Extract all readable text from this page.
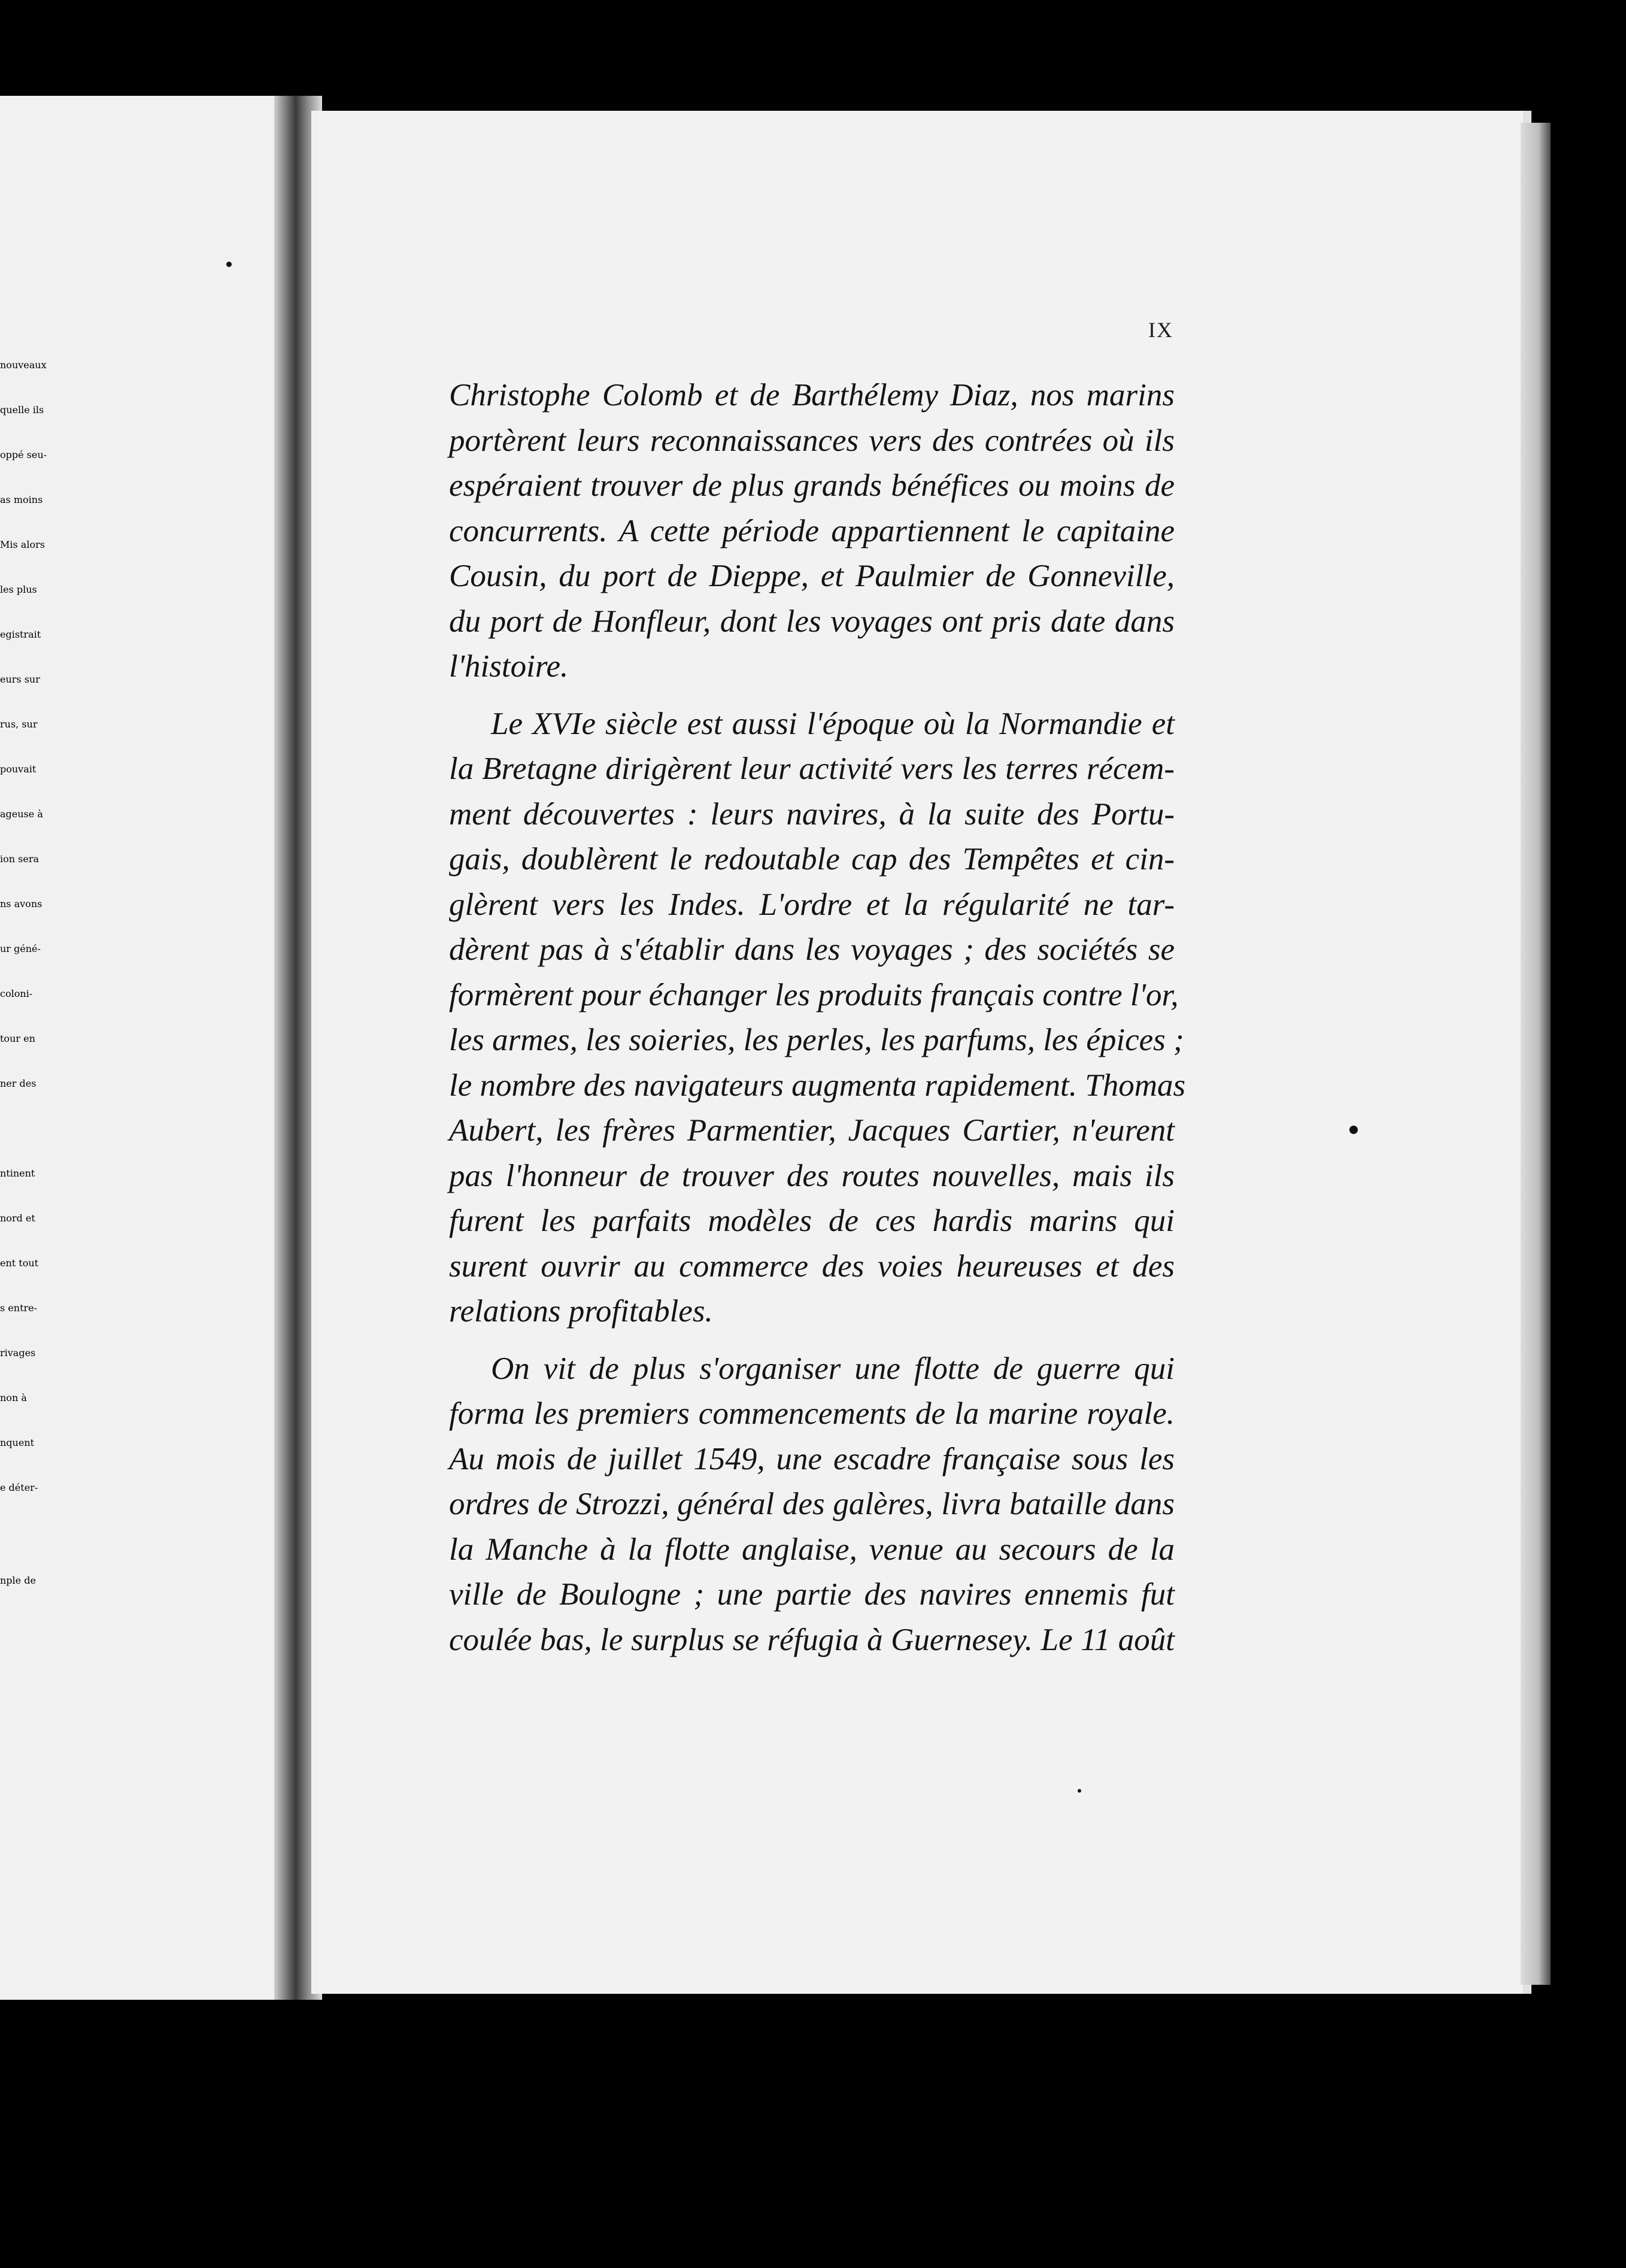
IX
nouveaux
quelle ils
oppé seu-
as moins
Mis alors
les plus
egistrait
eurs sur
rus, sur
pouvait
ageuse à
ion sera
ns avons
ur géné-
coloni-
tour en
ner des
ntinent
nord et
ent tout
s entre-
rivages
non à
nquent
e déter-
nple de
Christophe Colomb et de Barthélemy Diaz, nos marins
portèrent leurs reconnaissances vers des contrées où ils
espéraient trouver de plus grands bénéfices ou moins de
concurrents. A cette période appartiennent le capitaine
Cousin, du port de Dieppe, et Paulmier de Gonneville,
du port de Honfleur, dont les voyages ont pris date dans
l'histoire.
Le XVIe siècle est aussi l'époque où la Normandie et
la Bretagne dirigèrent leur activité vers les terres récem-
ment découvertes : leurs navires, à la suite des Portu-
gais, doublèrent le redoutable cap des Tempêtes et cin-
glèrent vers les Indes. L'ordre et la régularité ne tar-
dèrent pas à s'établir dans les voyages ; des sociétés se
formèrent pour échanger les produits français contre l'or,
les armes, les soieries, les perles, les parfums, les épices ;
le nombre des navigateurs augmenta rapidement. Thomas
Aubert, les frères Parmentier, Jacques Cartier, n'eurent
pas l'honneur de trouver des routes nouvelles, mais ils
furent les parfaits modèles de ces hardis marins qui
surent ouvrir au commerce des voies heureuses et des
relations profitables.
On vit de plus s'organiser une flotte de guerre qui
forma les premiers commencements de la marine royale.
Au mois de juillet 1549, une escadre française sous les
ordres de Strozzi, général des galères, livra bataille dans
la Manche à la flotte anglaise, venue au secours de la
ville de Boulogne ; une partie des navires ennemis fut
coulée bas, le surplus se réfugia à Guernesey. Le 11 août
